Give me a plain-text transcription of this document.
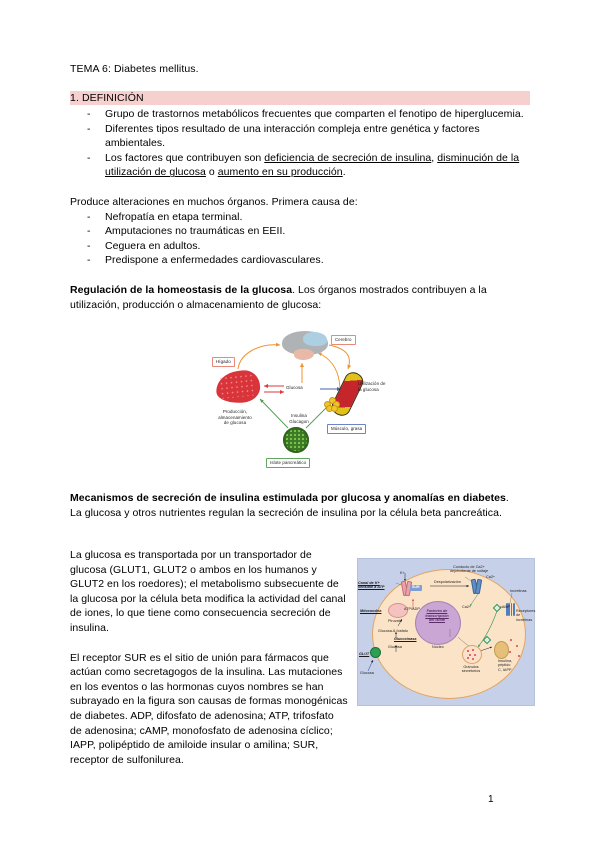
TEMA 6: Diabetes mellitus.
1. DEFINICIÓN
- Grupo de trastornos metabólicos frecuentes que comparten el fenotipo de hiperglucemia.
- Diferentes tipos resultado de una interacción compleja entre genética y factores ambientales.
- Los factores que contribuyen son deficiencia de secreción de insulina, disminución de la utilización de glucosa o aumento en su producción.
Produce alteraciones en muchos órganos. Primera causa de:
- Nefropatía en etapa terminal.
- Amputaciones no traumáticas en EEII.
- Ceguera en adultos.
- Predispone a enfermedades cardiovasculares.
Regulación de la homeostasis de la glucosa. Los órganos mostrados contribuyen a la utilización, producción o almacenamiento de glucosa:
Cerebro
Hígado
Producción,
almacenamiento
de glucosa
Glucosa
Insulina
Glucagon
Utilización de
la glucosa
Músculo, grasa
Islote pancreático
Mecanismos de secreción de insulina estimulada por glucosa y anomalías en diabetes.
La glucosa y otros nutrientes regulan la secreción de insulina por la célula beta pancreática.
La glucosa es transportada por un transportador de glucosa (GLUT1, GLUT2 o ambos en los humanos y GLUT2 en los roedores); el metabolismo subsecuente de la glucosa por la célula beta modifica la actividad del canal de iones, lo que tiene como consecuencia secreción de insulina.
El receptor SUR es el sitio de unión para fármacos que actúan como secretagogos de la insulina. Las mutaciones en los eventos o las hormonas cuyos nombres se han subrayado en la figura son causas de formas monogénicas de diabetes. ADP, difosfato de adenosina; ATP, trifosfato de adenosina; cAMP, monofosfato de adenosina cíclico; IAPP, polipéptido de amiloide insular o amilina; SUR, receptor de sulfonilurea.
Factores de
transcripción
del islote
SUR
Canal de K+
sensible a ATP
K+
Despolarización
Conducto de Ca2+
dependiente de voltaje
Ca2+
Ca2+	cAMP
Incretinas
Receptores
de incretinas
ATP/ADP
Mitocondria
Piruvato
Glucosa-6-fosfato
Glucocinasa
Glucosa
GLUT
Glucosa
Núcleo
Gránulos
secretorios
Insulina,
péptido
C, IAPP
1
